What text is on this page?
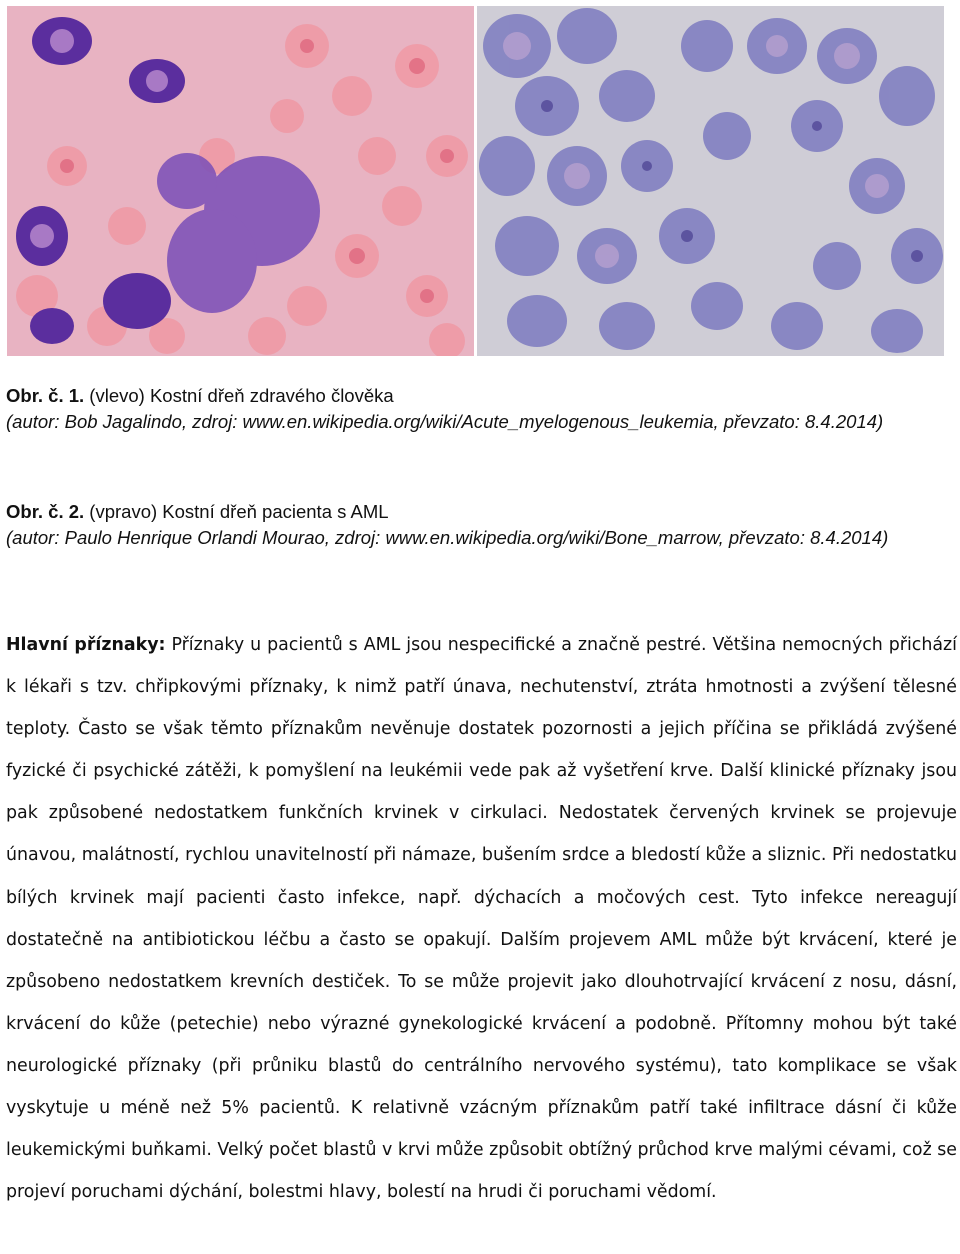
Obr. č. 1. (vlevo) Kostní dřeň zdravého člověka
(autor: Bob Jagalindo, zdroj: www.en.wikipedia.org/wiki/Acute_myelogenous_leukemia, převzato: 8.4.2014)
Obr. č. 2. (vpravo) Kostní dřeň pacienta s AML
(autor: Paulo Henrique Orlandi Mourao, zdroj: www.en.wikipedia.org/wiki/Bone_marrow, převzato: 8.4.2014)
Hlavní příznaky: Příznaky u pacientů s AML jsou nespecifické a značně pestré. Většina nemocných přichází k lékaři s tzv. chřipkovými příznaky, k nimž patří únava, nechutenství, ztráta hmotnosti a zvýšení tělesné teploty. Často se však těmto příznakům nevěnuje dostatek pozornosti a jejich příčina se přikládá zvýšené fyzické či psychické zátěži, k pomyšlení na leukémii vede pak až vyšetření krve. Další klinické příznaky jsou pak způsobené nedostatkem funkčních krvinek v cirkulaci. Nedostatek červených krvinek se projevuje únavou, malátností, rychlou unavitelností při námaze, bušením srdce a bledostí kůže a sliznic. Při nedostatku bílých krvinek mají pacienti často infekce, např. dýchacích a močových cest. Tyto infekce nereagují dostatečně na antibiotickou léčbu a často se opakují. Dalším projevem AML může být krvácení, které je způsobeno nedostatkem krevních destiček. To se může projevit jako dlouhotrvající krvácení z nosu, dásní, krvácení do kůže (petechie) nebo výrazné gynekologické krvácení a podobně. Přítomny mohou být také neurologické příznaky (při průniku blastů do centrálního nervového systému), tato komplikace se však vyskytuje u méně než 5% pacientů. K relativně vzácným příznakům patří také infiltrace dásní či kůže leukemickými buňkami. Velký počet blastů v krvi může způsobit obtížný průchod krve malými cévami, což se projeví poruchami dýchání, bolestmi hlavy, bolestí na hrudi či poruchami vědomí.
